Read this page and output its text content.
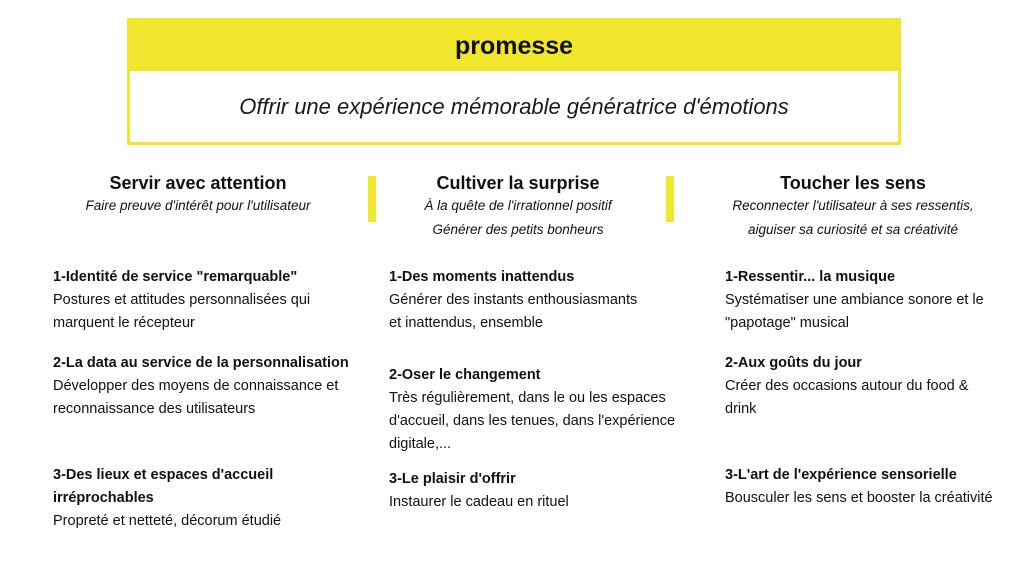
promesse
Offrir une expérience mémorable génératrice d'émotions
Servir avec attention
Faire preuve d'intérêt pour l'utilisateur
Cultiver la surprise
À la quête de l'irrationnel positif
Générer des petits bonheurs
Toucher les sens
Reconnecter l'utilisateur à ses ressentis,
aiguiser sa curiosité et sa créativité
1-Identité de service "remarquable"
Postures et attitudes personnalisées qui marquent le récepteur
2-La data au service de la personnalisation
Développer des moyens de connaissance et reconnaissance des utilisateurs
3-Des lieux et espaces d'accueil irréprochables
Propreté et netteté, décorum étudié
1-Des moments inattendus
Générer des instants enthousiasmants et inattendus, ensemble
2-Oser le changement
Très régulièrement, dans le ou les espaces d'accueil, dans les tenues, dans l'expérience digitale,...
3-Le plaisir d'offrir
Instaurer le cadeau en rituel
1-Ressentir... la musique
Systématiser une ambiance sonore et le "papotage" musical
2-Aux goûts du jour
Créer des occasions autour du food & drink
3-L'art de l'expérience sensorielle
Bousculer les sens et booster la créativité
